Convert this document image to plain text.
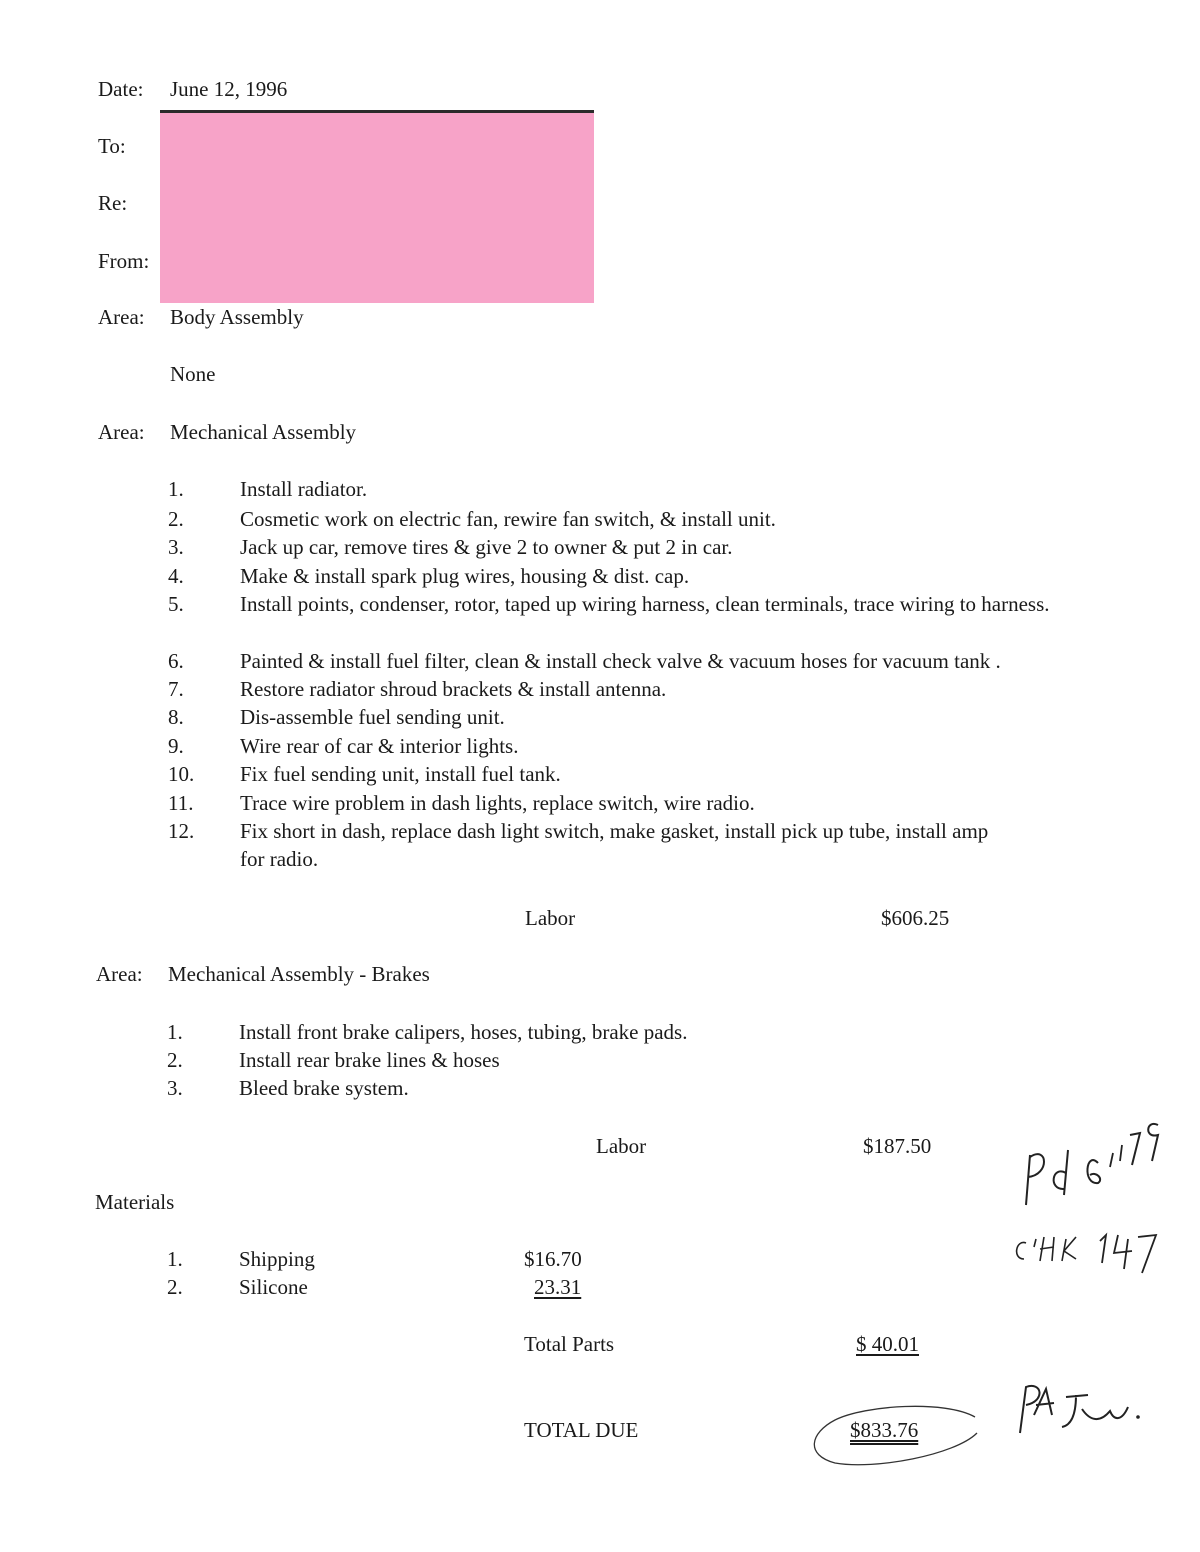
Date: June 12, 1996
To:
Re:
From:
Area: Body Assembly
None
Area: Mechanical Assembly
1.	Install radiator.
2.	Cosmetic work on electric fan, rewire fan switch, & install unit.
3.	Jack up car, remove tires & give 2 to owner & put 2 in car.
4.	Make & install spark plug wires, housing & dist. cap.
5.	Install points, condenser, rotor, taped up wiring harness, clean terminals, trace wiring to harness.
6.	Painted & install fuel filter, clean & install check valve & vacuum hoses for vacuum tank .
7.	Restore radiator shroud brackets & install antenna.
8.	Dis-assemble fuel sending unit.
9.	Wire rear of car & interior lights.
10. Fix fuel sending unit, install fuel tank.
11. Trace wire problem in dash lights, replace switch, wire radio.
12. Fix short in dash, replace dash light switch, make gasket, install pick up tube, install amp for radio.
Labor	$606.25
Area: Mechanical Assembly - Brakes
1.	Install front brake calipers, hoses, tubing, brake pads.
2.	Install rear brake lines & hoses
3.	Bleed brake system.
Labor	$187.50
Materials
1.	Shipping	$16.70
2.	Silicone	23.31
Total Parts	$ 40.01
TOTAL DUE	$833.76
